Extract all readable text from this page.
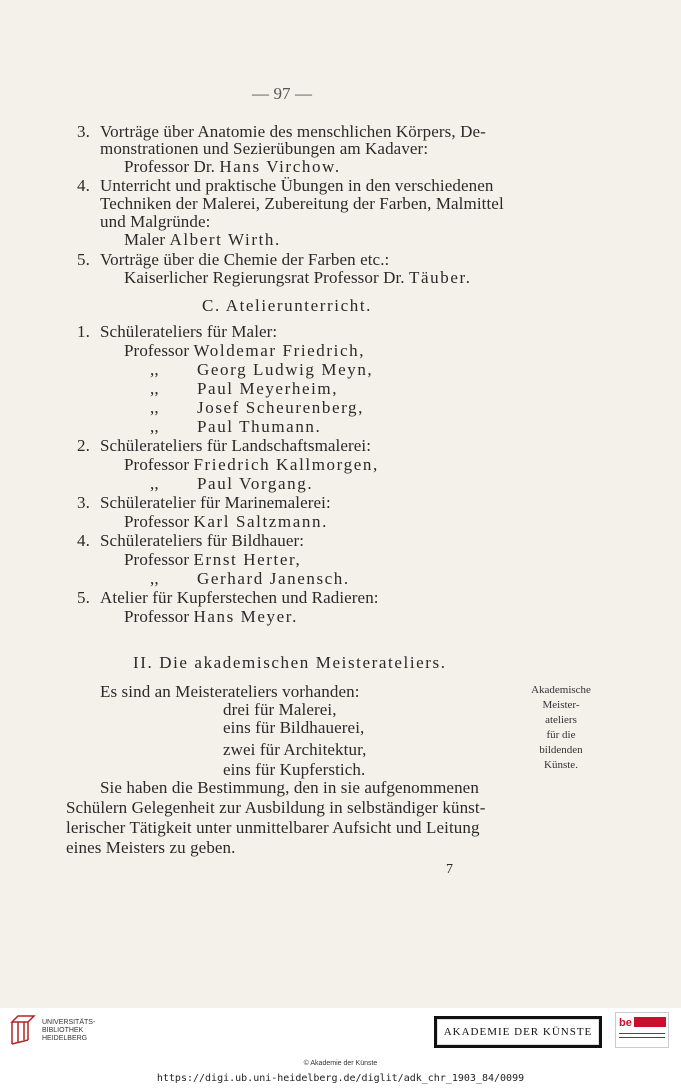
— 97 —
3. Vorträge über Anatomie des menschlichen Körpers, De-
monstrationen und Sezierübungen am Kadaver:
Professor Dr. Hans Virchow.
4. Unterricht und praktische Übungen in den verschiedenen
Techniken der Malerei, Zubereitung der Farben, Malmittel
und Malgründe:
Maler Albert Wirth.
5. Vorträge über die Chemie der Farben etc.:
Kaiserlicher Regierungsrat Professor Dr. Täuber.
C. Atelierunterricht.
1. Schülerateliers für Maler:
Professor Woldemar Friedrich,
,, Georg Ludwig Meyn,
,, Paul Meyerheim,
,, Josef Scheurenberg,
,, Paul Thumann.
2. Schülerateliers für Landschaftsmalerei:
Professor Friedrich Kallmorgen,
,, Paul Vorgang.
3. Schüleratelier für Marinemalerei:
Professor Karl Saltzmann.
4. Schülerateliers für Bildhauer:
Professor Ernst Herter,
,, Gerhard Janensch.
5. Atelier für Kupferstechen und Radieren:
Professor Hans Meyer.
II. Die akademischen Meisterateliers.
Es sind an Meisterateliers vorhanden:
drei für Malerei,
eins für Bildhauerei,
zwei für Architektur,
eins für Kupferstich.
Akademische
Meister-
ateliers
für die
bildenden
Künste.
Sie haben die Bestimmung, den in sie aufgenommenen
Schülern Gelegenheit zur Ausbildung in selbständiger künst-
lerischer Tätigkeit unter unmittelbarer Aufsicht und Leitung
eines Meisters zu geben.
7
UNIVERSITÄTS-
BIBLIOTHEK
HEIDELBERG
AKADEMIE DER KÜNSTE
be
© Akademie der Künste
https://digi.ub.uni-heidelberg.de/diglit/adk_chr_1903_84/0099
